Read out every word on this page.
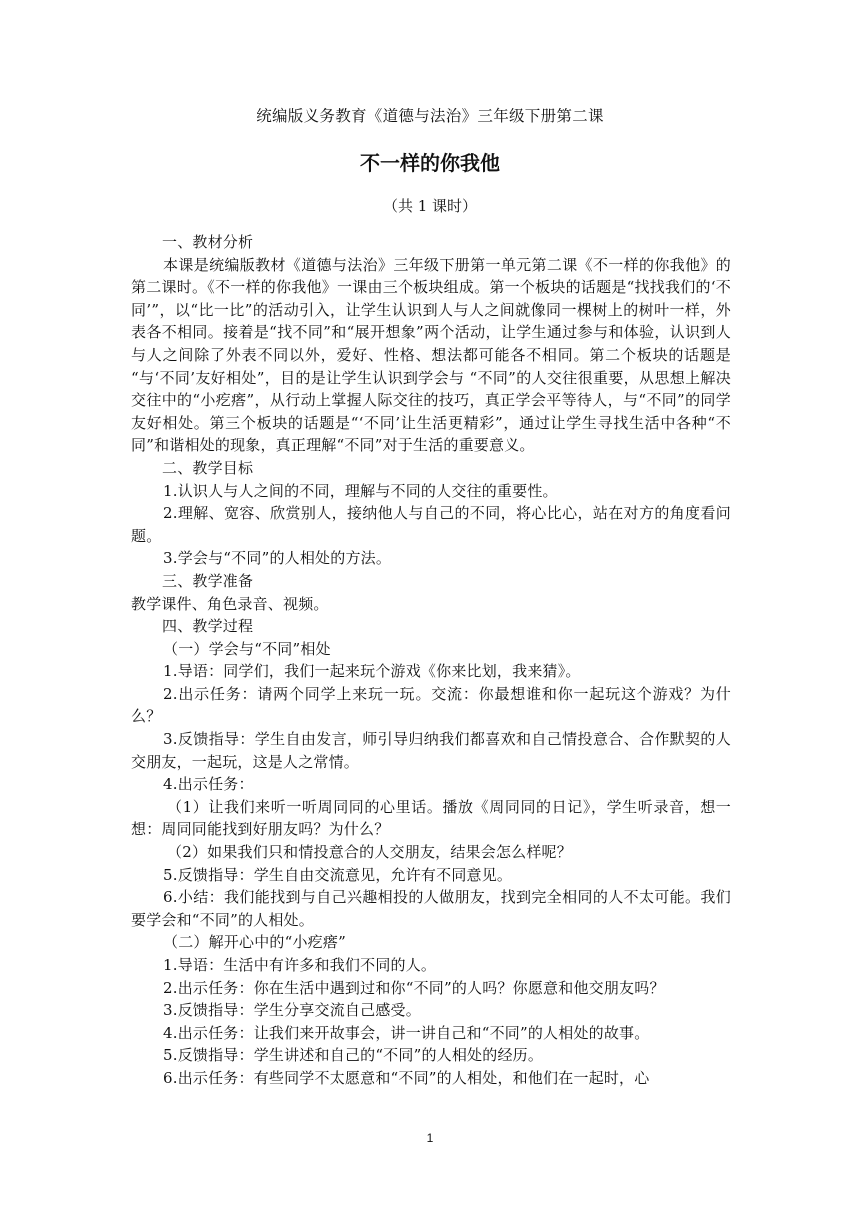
统编版义务教育《道德与法治》三年级下册第二课
不一样的你我他
（共 1 课时）

一、教材分析

本课是统编版教材《道德与法治》三年级下册第一单元第二课《不一样的你我他》的第二课时。《不一样的你我他》一课由三个板块组成。第一个板块的话题是“找找我们的‘不同’”，以“比一比”的活动引入，让学生认识到人与人之间就像同一棵树上的树叶一样，外表各不相同。接着是“找不同”和“展开想象”两个活动，让学生通过参与和体验，认识到人与人之间除了外表不同以外，爱好、性格、想法都可能各不相同。第二个板块的话题是 “与‘不同’友好相处”，目的是让学生认识到学会与 “不同”的人交往很重要，从思想上解决交往中的“小疙瘩”，从行动上掌握人际交往的技巧，真正学会平等待人，与“不同”的同学友好相处。第三个板块的话题是“‘不同’让生活更精彩”，通过让学生寻找生活中各种“不同”和谐相处的现象，真正理解“不同”对于生活的重要意义。

二、教学目标

1.认识人与人之间的不同，理解与不同的人交往的重要性。

2.理解、宽容、欣赏别人，接纳他人与自己的不同，将心比心，站在对方的角度看问题。

3.学会与“不同”的人相处的方法。

三、教学准备

教学课件、角色录音、视频。

四、教学过程

（一）学会与“不同”相处

1.导语：同学们，我们一起来玩个游戏《你来比划，我来猜》。

2.出示任务：请两个同学上来玩一玩。交流：你最想谁和你一起玩这个游戏？为什么？

3.反馈指导：学生自由发言，师引导归纳我们都喜欢和自己情投意合、合作默契的人交朋友，一起玩，这是人之常情。

4.出示任务：

（1）让我们来听一听周同同的心里话。播放《周同同的日记》，学生听录音，想一想：周同同能找到好朋友吗？为什么？

（2）如果我们只和情投意合的人交朋友，结果会怎么样呢？

5.反馈指导：学生自由交流意见，允许有不同意见。

6.小结：我们能找到与自己兴趣相投的人做朋友，找到完全相同的人不太可能。我们要学会和“不同”的人相处。

（二）解开心中的“小疙瘩”

1.导语：生活中有许多和我们不同的人。

2.出示任务：你在生活中遇到过和你“不同”的人吗？你愿意和他交朋友吗？

3.反馈指导：学生分享交流自己感受。

4.出示任务：让我们来开故事会，讲一讲自己和“不同”的人相处的故事。

5.反馈指导：学生讲述和自己的“不同”的人相处的经历。

6.出示任务：有些同学不太愿意和“不同”的人相处，和他们在一起时，心

1
